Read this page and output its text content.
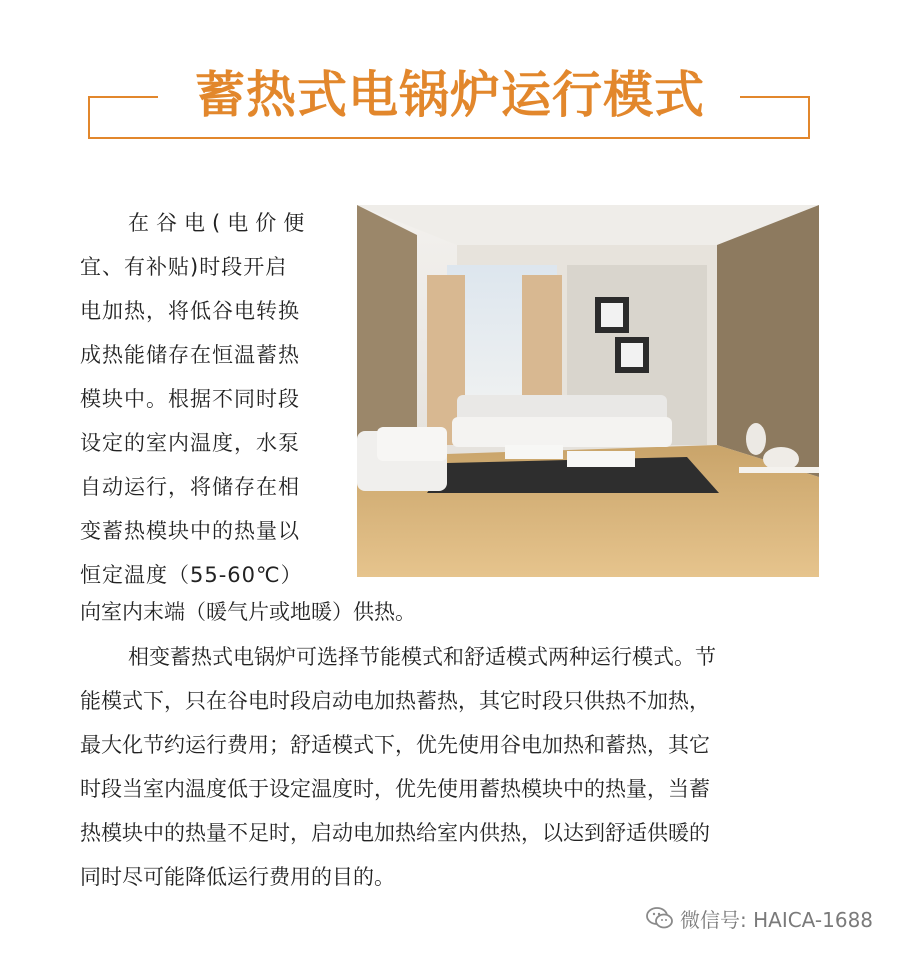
蓄热式电锅炉运行模式
在谷电(电价便
宜、有补贴)时段开启
电加热，将低谷电转换
成热能储存在恒温蓄热
模块中。根据不同时段
设定的室内温度，水泵
自动运行，将储存在相
变蓄热模块中的热量以
恒定温度（55-60℃）
向室内末端（暖气片或地暖）供热。
相变蓄热式电锅炉可选择节能模式和舒适模式两种运行模式。节
能模式下，只在谷电时段启动电加热蓄热，其它时段只供热不加热，
最大化节约运行费用；舒适模式下，优先使用谷电加热和蓄热，其它
时段当室内温度低于设定温度时，优先使用蓄热模块中的热量，当蓄
热模块中的热量不足时，启动电加热给室内供热，以达到舒适供暖的
同时尽可能降低运行费用的目的。
微信号: HAICA-1688
